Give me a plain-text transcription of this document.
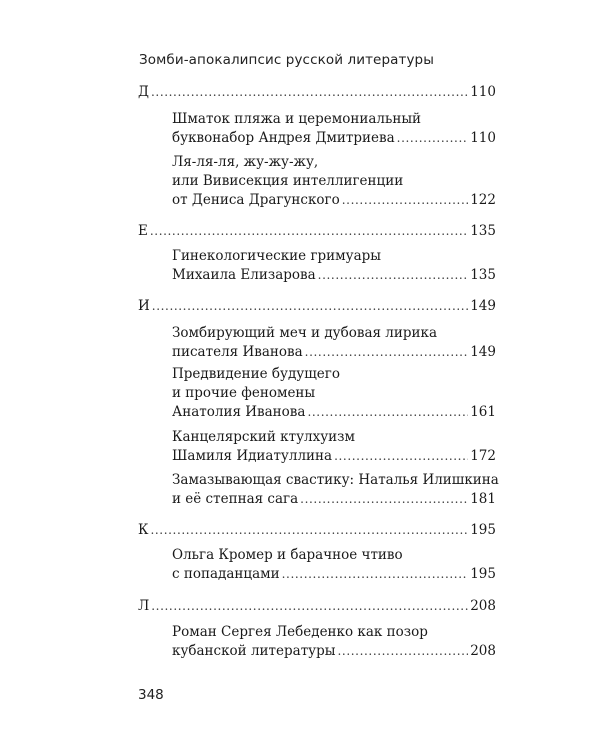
Зомби-апокалипсис русской литературы
Д .....	110
Шматок пляжа и церемониальный
буквонабор Андрея Дмитриева .....	110
Ля-ля-ля, жу-жу-жу,
или Вивисекция интеллигенции
от Дениса Драгунского .....	122
Е .....	135
Гинекологические гримуары
Михаила Елизарова .....	135
И .....	149
Зомбирующий меч и дубовая лирика
писателя Иванова .....	149
Предвидение будущего
и прочие феномены
Анатолия Иванова .....	161
Канцелярский ктулхуизм
Шамиля Идиатуллина .....	172
Замазывающая свастику: Наталья Илишкина
и её степная сага .....	181
К .....	195
Ольга Кромер и барачное чтиво
с попаданцами .....	195
Л .....	208
Роман Сергея Лебеденко как позор
кубанской литературы .....	208
348
